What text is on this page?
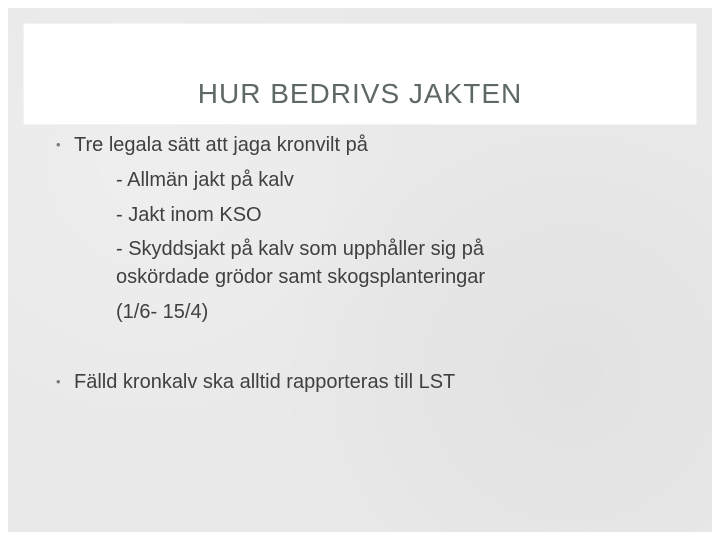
HUR BEDRIVS JAKTEN
• Tre legala sätt att jaga kronvilt på
- Allmän jakt på kalv
- Jakt inom KSO
- Skyddsjakt på kalv som upphåller sig på
oskördade grödor samt skogsplanteringar
(1/6- 15/4)
• Fälld kronkalv ska alltid rapporteras till LST
